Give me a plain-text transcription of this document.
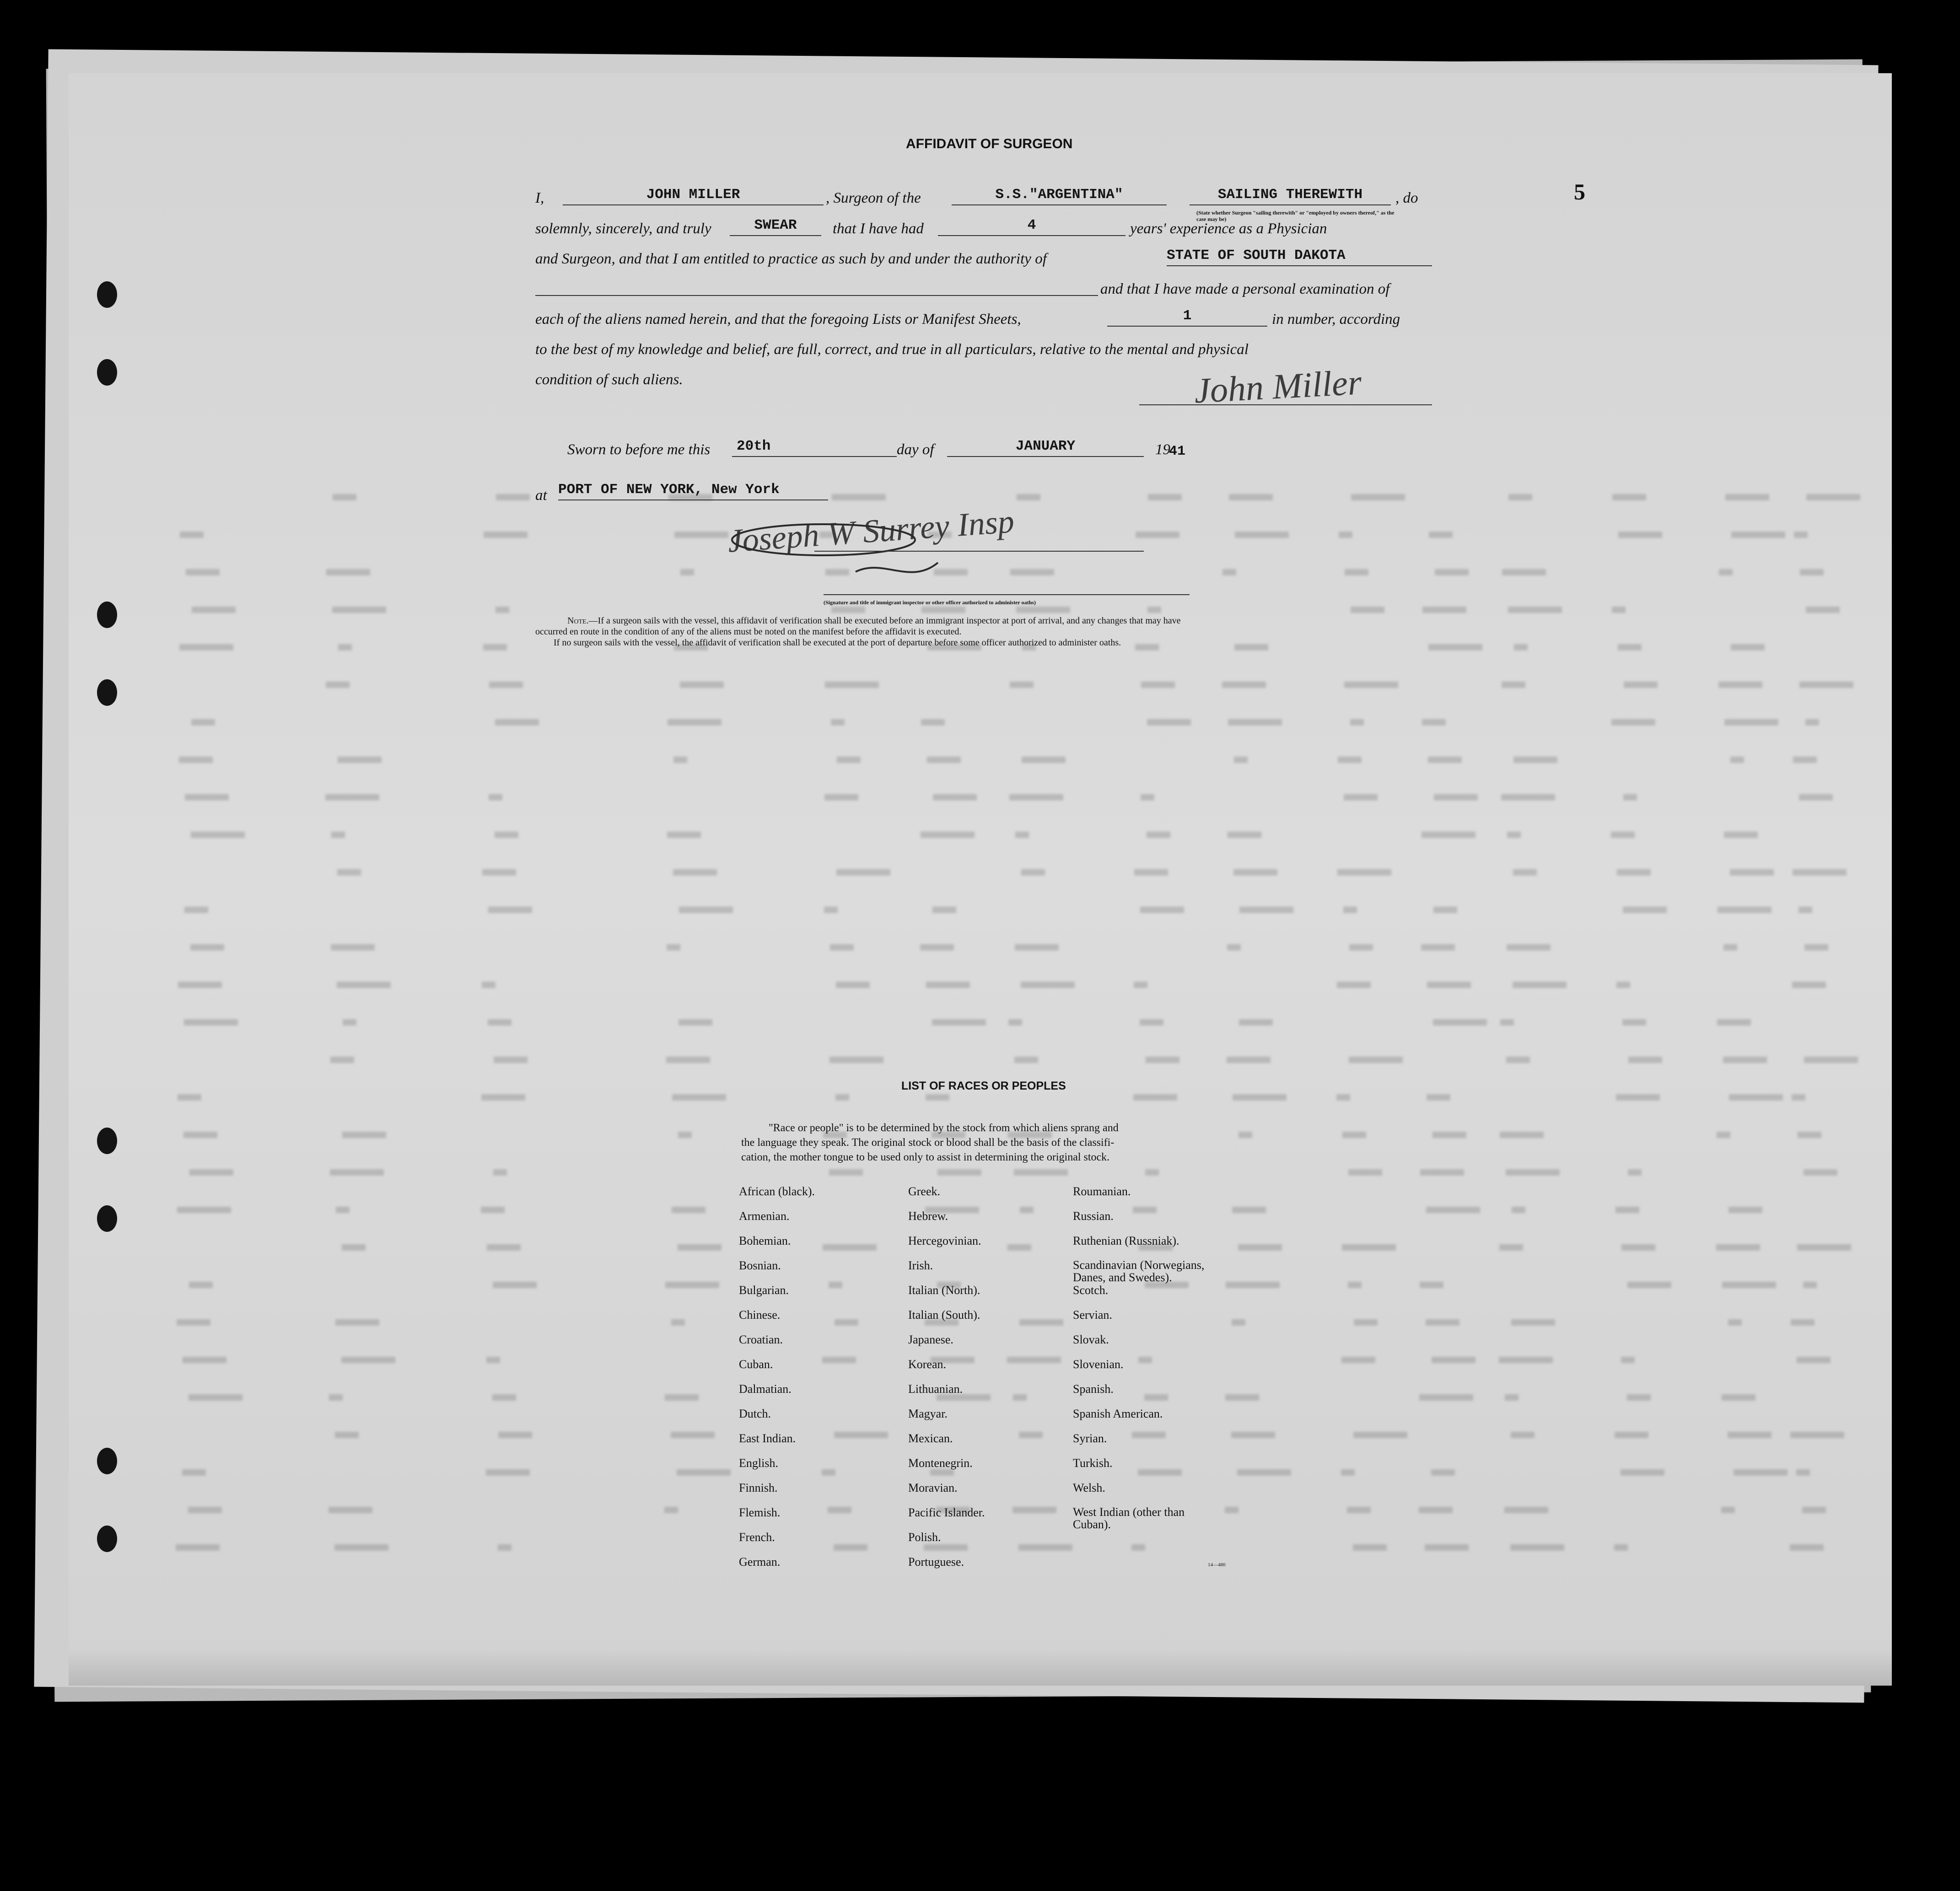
5
AFFIDAVIT OF SURGEON
I,	JOHN MILLER	, Surgeon of the	S.S."ARGENTINA"	SAILING THEREWITH	, do
(State whether Surgeon "sailing therewith" or "employed by owners thereof," as the case may be)
solemnly, sincerely, and truly	SWEAR	that I have had	4	years' experience as a Physician
and Surgeon, and that I am entitled to practice as such by and under the authority of	STATE OF SOUTH DAKOTA
and that I have made a personal examination of
each of the aliens named herein, and that the foregoing Lists or Manifest Sheets,	1	in number, according
to the best of my knowledge and belief, are full, correct, and true in all particulars, relative to the mental and physical
condition of such aliens.	John Miller
Sworn to before me this	20th	day of	JANUARY	19
41
at PORT OF NEW YORK, New York
Joseph W Surrey Insp
(Signature and title of immigrant inspector or other officer authorized to administer oaths)
Note.—If a surgeon sails with the vessel, this affidavit of verification shall be executed before an immigrant inspector at port of arrival, and any changes that may have
occurred en route in the condition of any of the aliens must be noted on the manifest before the affidavit is executed.
If no surgeon sails with the vessel, the affidavit of verification shall be executed at the port of departure before some officer authorized to administer oaths.
LIST OF RACES OR PEOPLES
"Race or people" is to be determined by the stock from which aliens sprang and
the language they speak. The original stock or blood shall be the basis of the classifi-
cation, the mother tongue to be used only to assist in determining the original stock.
African (black).
Armenian.
Bohemian.
Bosnian.
Bulgarian.
Chinese.
Croatian.
Cuban.
Dalmatian.
Dutch.
East Indian.
English.
Finnish.
Flemish.
French.
German.
Greek.
Hebrew.
Hercegovinian.
Irish.
Italian (North).
Italian (South).
Japanese.
Korean.
Lithuanian.
Magyar.
Mexican.
Montenegrin.
Moravian.
Pacific Islander.
Polish.
Portuguese.
Roumanian.
Russian.
Ruthenian (Russniak).
Scandinavian (Norwegians, Danes, and Swedes).
Scotch.
Servian.
Slovak.
Slovenian.
Spanish.
Spanish American.
Syrian.
Turkish.
Welsh.
West Indian (other than Cuban).
14—480
